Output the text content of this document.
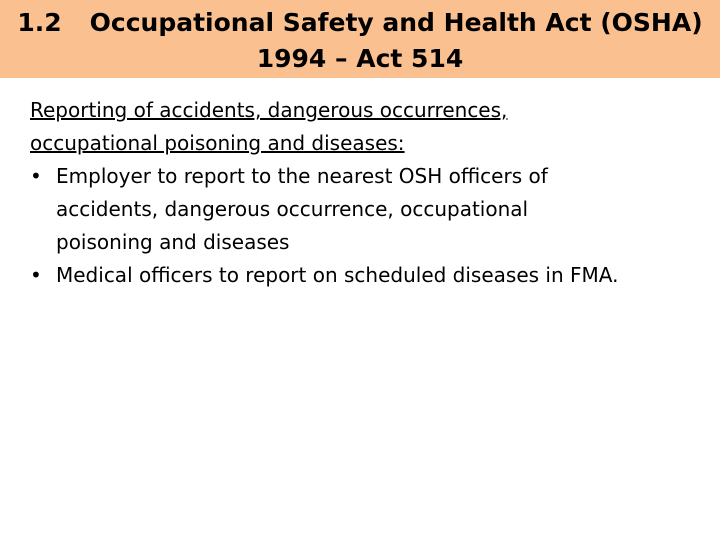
1.2 Occupational Safety and Health Act (OSHA)
1994 – Act 514
Reporting of accidents, dangerous occurrences,
occupational poisoning and diseases:
• Employer to report to the nearest OSH officers of
accidents, dangerous occurrence, occupational
poisoning and diseases
• Medical officers to report on scheduled diseases in FMA.
